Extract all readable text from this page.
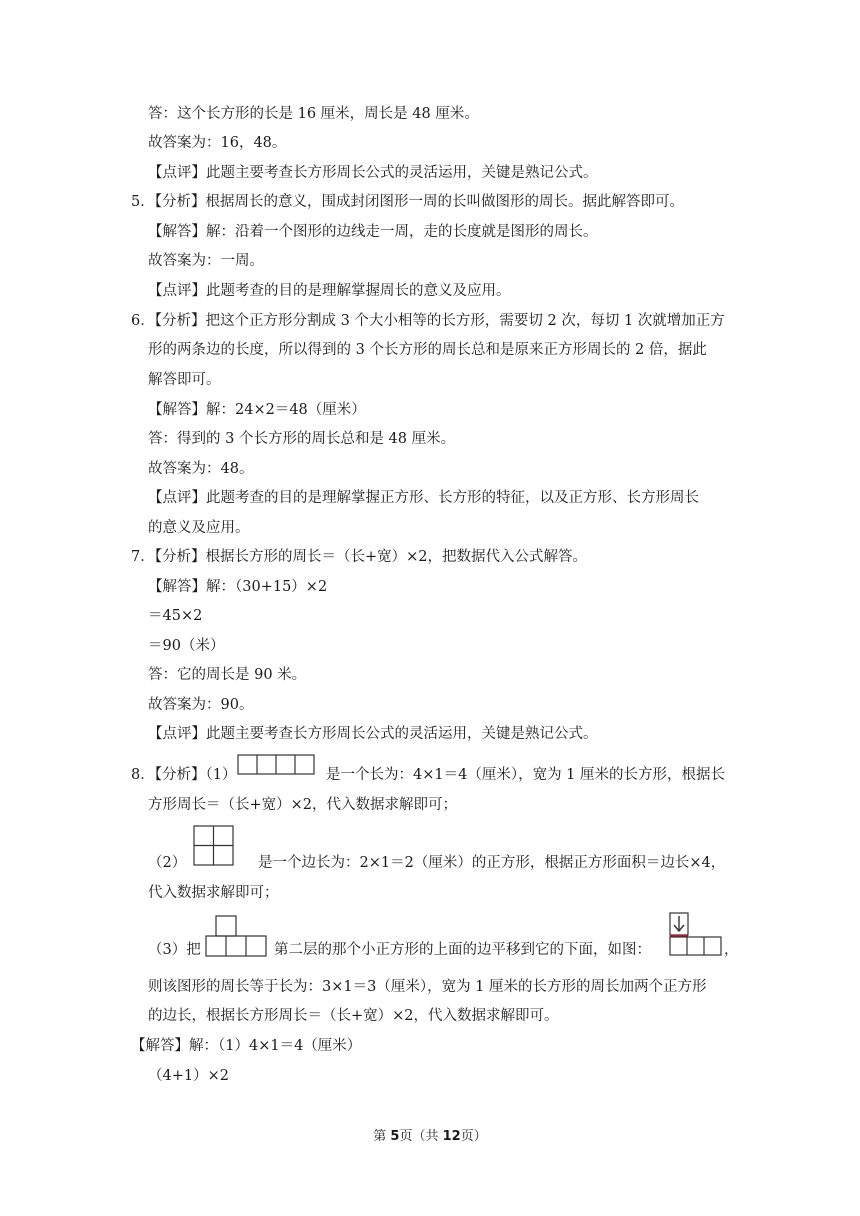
答：这个长方形的长是 16 厘米，周长是 48 厘米。
故答案为：16，48。
【点评】此题主要考查长方形周长公式的灵活运用，关键是熟记公式。
5．【分析】根据周长的意义，围成封闭图形一周的长叫做图形的周长。据此解答即可。
【解答】解：沿着一个图形的边线走一周，走的长度就是图形的周长。
故答案为：一周。
【点评】此题考查的目的是理解掌握周长的意义及应用。
6．【分析】把这个正方形分割成 3 个大小相等的长方形，需要切 2 次，每切 1 次就增加正方
形的两条边的长度，所以得到的 3 个长方形的周长总和是原来正方形周长的 2 倍，据此
解答即可。
【解答】解：24×2＝48（厘米）
答：得到的 3 个长方形的周长总和是 48 厘米。
故答案为：48。
【点评】此题考查的目的是理解掌握正方形、长方形的特征，以及正方形、长方形周长
的意义及应用。
7．【分析】根据长方形的周长＝（长+宽）×2，把数据代入公式解答。
【解答】解：（30+15）×2
＝45×2
＝90（米）
答：它的周长是 90 米。
故答案为：90。
【点评】此题主要考查长方形周长公式的灵活运用，关键是熟记公式。
8．【分析】（1）	是一个长为：4×1＝4（厘米），宽为 1 厘米的长方形，根据长
方形周长＝（长+宽）×2，代入数据求解即可；
（2）	是一个边长为：2×1＝2（厘米）的正方形，根据正方形面积＝边长×4，
代入数据求解即可；
（3）把	第二层的那个小正方形的上面的边平移到它的下面，如图：	，
则该图形的周长等于长为：3×1＝3（厘米），宽为 1 厘米的长方形的周长加两个正方形
的边长，根据长方形周长＝（长+宽）×2，代入数据求解即可。
【解答】解：（1）4×1＝4（厘米）
（4+1）×2
第 5页（共 12页）
